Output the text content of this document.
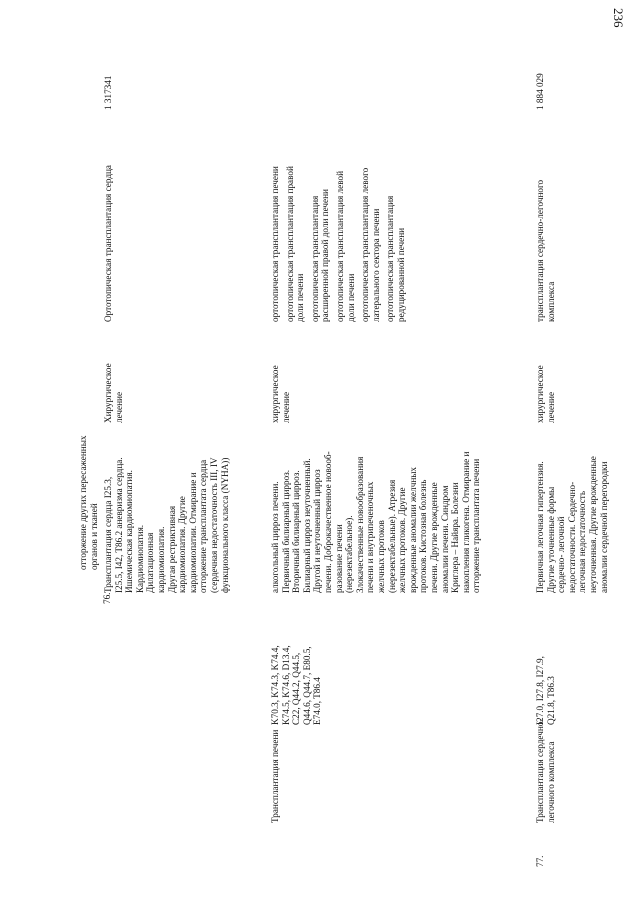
236
отторжение других пересаженных органов и тканей
76.
Трансплантация сердца I25.3, I25.5, I42, T86.2 аневризма сердца. Ишемическая кардиомиопатия. Кардиомиопатия. Дилатационная кардиомиопатия. Другая рестриктивная кардиомиопатия. Другие кардиомиопатии. Отмирание и отторжение трансплантата сердца (сердечная недостаточность III, IV функционального класса (NYHA))
Хирургическое лечение
Ортотопическая трансплантация сердца
1 317341
Трансплантация печени
K70.3, K74.3, K74.4, K74.5, K74.6, D13.4, C22, Q44.2, Q44.5, Q44.6, Q44.7, E80.5, E74.0, T86.4
алкогольный цирроз печени. Первичный билиарный цирроз. Вторичный билиарный цирроз. Билиарный цирроз неуточненный. Другой и неуточненный цирроз печени. Доброкачественное новооб- разование печени (нерезектабельное). Злокачественные новообразования печени и внутрипеченочных желчных протоков (нерезектабельные). Атрезия желчных протоков. Другие врожденные аномалии желчных протоков. Кистозная болезнь печени. Другие врожденные аномалии печени. Синдром Криглера – Найяра. Болезни накопления гликогена. Отмирание и отторжение трансплантата печени
хирургическое лечение
ортотопическая трансплантация печени ортотопическая трансплантация правой доли печени ортотопическая трансплантация расширенной правой доли печени ортотопическая трансплантация левой доли печени ортотопическая трансплантация левого латерального сектора печени ортотопическая трансплантация редуцированной печени
77.
Трансплантация сердечно- легочного комплекса
I27.0, I27.8, I27.9, Q21.8, T86.3
Первичная легочная гипертензия. Другие уточненные формы сердечно- легочной недостаточности. Сердечно- легочная недостаточность неуточненная. Другие врожденные аномалии сердечной перегородки
хирургическое лечение
трансплантация сердечно-легочного комплекса
1 884 029
